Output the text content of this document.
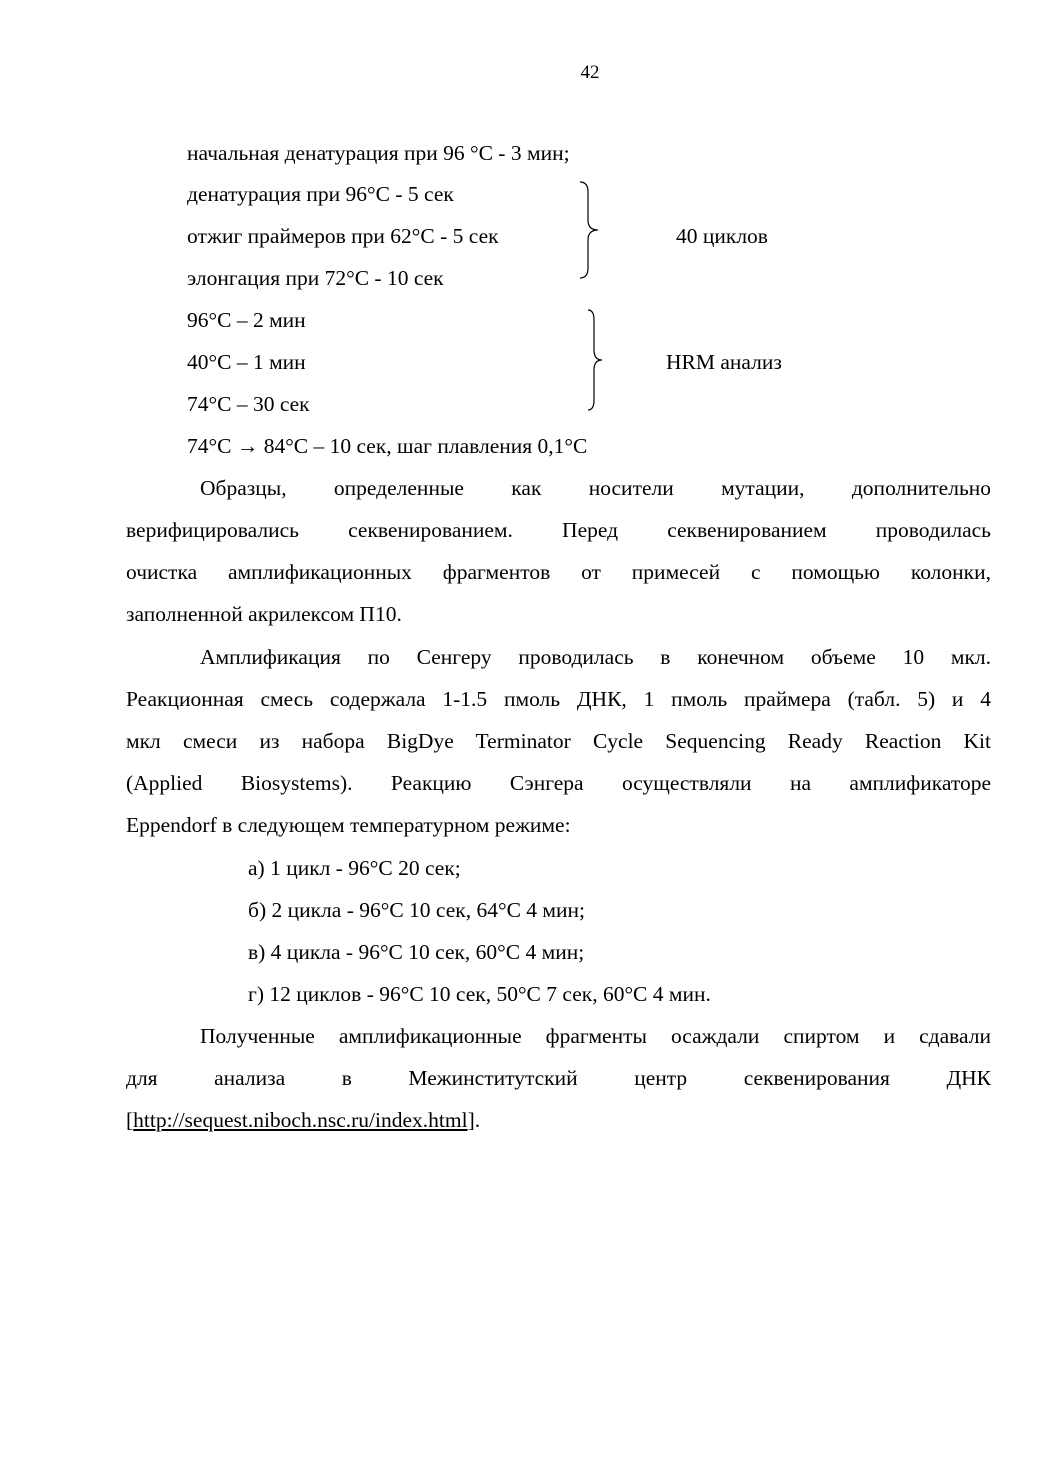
42
начальная денатурация при 96 °С - 3 мин;
денатурация при 96°С - 5 сек
отжиг праймеров при 62°С - 5 сек
элонгация при 72°С - 10 сек
40 циклов
96°С – 2 мин
40°С – 1 мин
74°С – 30 сек
HRM анализ
74°С → 84°С – 10 сек, шаг плавления 0,1°С
Образцы, определенные как носители мутации, дополнительно
верифицировались секвенированием. Перед секвенированием проводилась
очистка амплификационных фрагментов от примесей с помощью колонки,
заполненной акрилексом П10.
Амплификация по Сенгеру проводилась в конечном объеме 10 мкл.
Реакционная смесь содержала 1-1.5 пмоль ДНК, 1 пмоль праймера (табл. 5) и 4
мкл смеси из набора BigDye Terminator Cycle Sequencing Ready Reaction Kit
(Applied Biosystems). Реакцию Сэнгера осуществляли на амплификаторе
Eppendorf в следующем температурном режиме:
а) 1 цикл - 96°С 20 сек;
б) 2 цикла - 96°С 10 сек, 64°С 4 мин;
в) 4 цикла - 96°С 10 сек, 60°С 4 мин;
г) 12 циклов - 96°С 10 сек, 50°С 7 сек, 60°С 4 мин.
Полученные амплификационные фрагменты осаждали спиртом и сдавали
для анализа в Межинститутский центр секвенирования ДНК
[http://sequest.niboch.nsc.ru/index.html].
